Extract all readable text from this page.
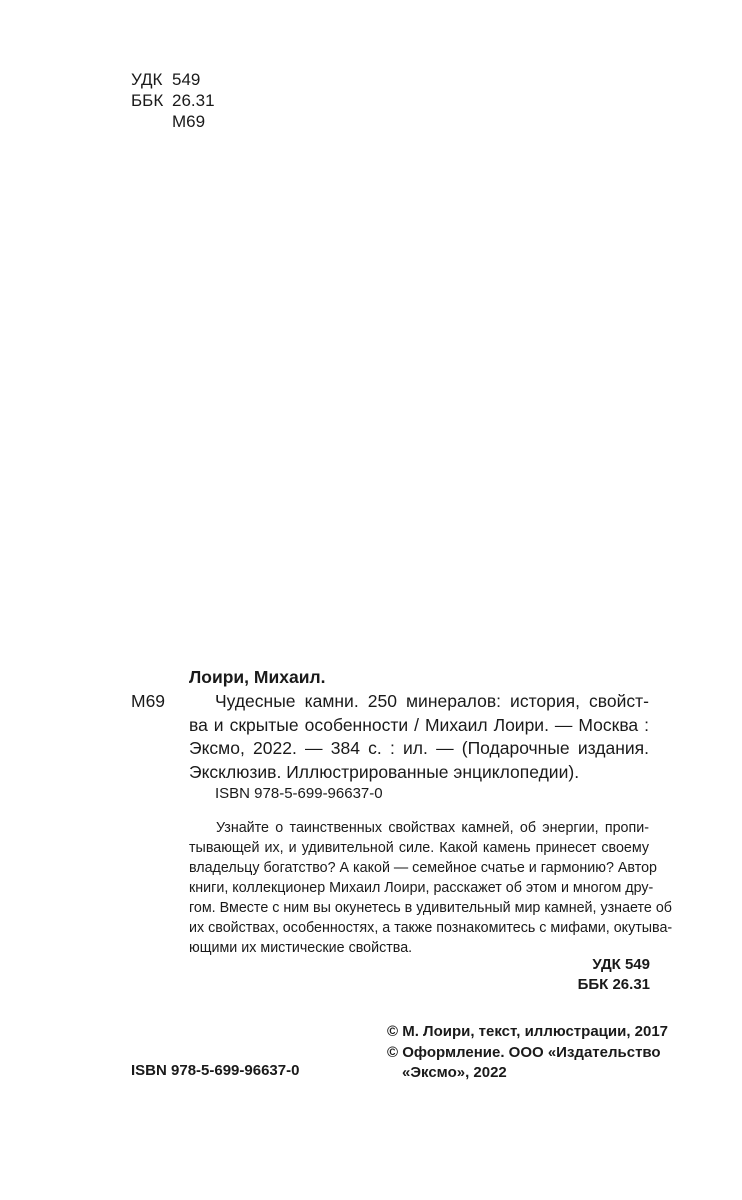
УДК 549
ББК 26.31
М69
Лоири, Михаил.
М69	Чудесные камни. 250 минералов: история, свойст-
ва и скрытые особенности / Михаил Лоири. — Москва :
Эксмо, 2022. — 384 с. : ил. — (Подарочные издания.
Эксклюзив. Иллюстрированные энциклопедии).
ISBN 978-5-699-96637-0
Узнайте о таинственных свойствах камней, об энергии, пропи-
тывающей их, и удивительной силе. Какой камень принесет своему
владельцу богатство? А какой — семейное счатье и гармонию? Автор
книги, коллекционер Михаил Лоири, расскажет об этом и многом дру-
гом. Вместе с ним вы окунетесь в удивительный мир камней, узнаете об
их свойствах, особенностях, а также познакомитесь с мифами, окутыва-
ющими их мистические свойства.
УДК 549
ББК 26.31
© М. Лоири, текст, иллюстрации, 2017
© Оформление. ООО «Издательство
«Эксмо», 2022
ISBN 978-5-699-96637-0
